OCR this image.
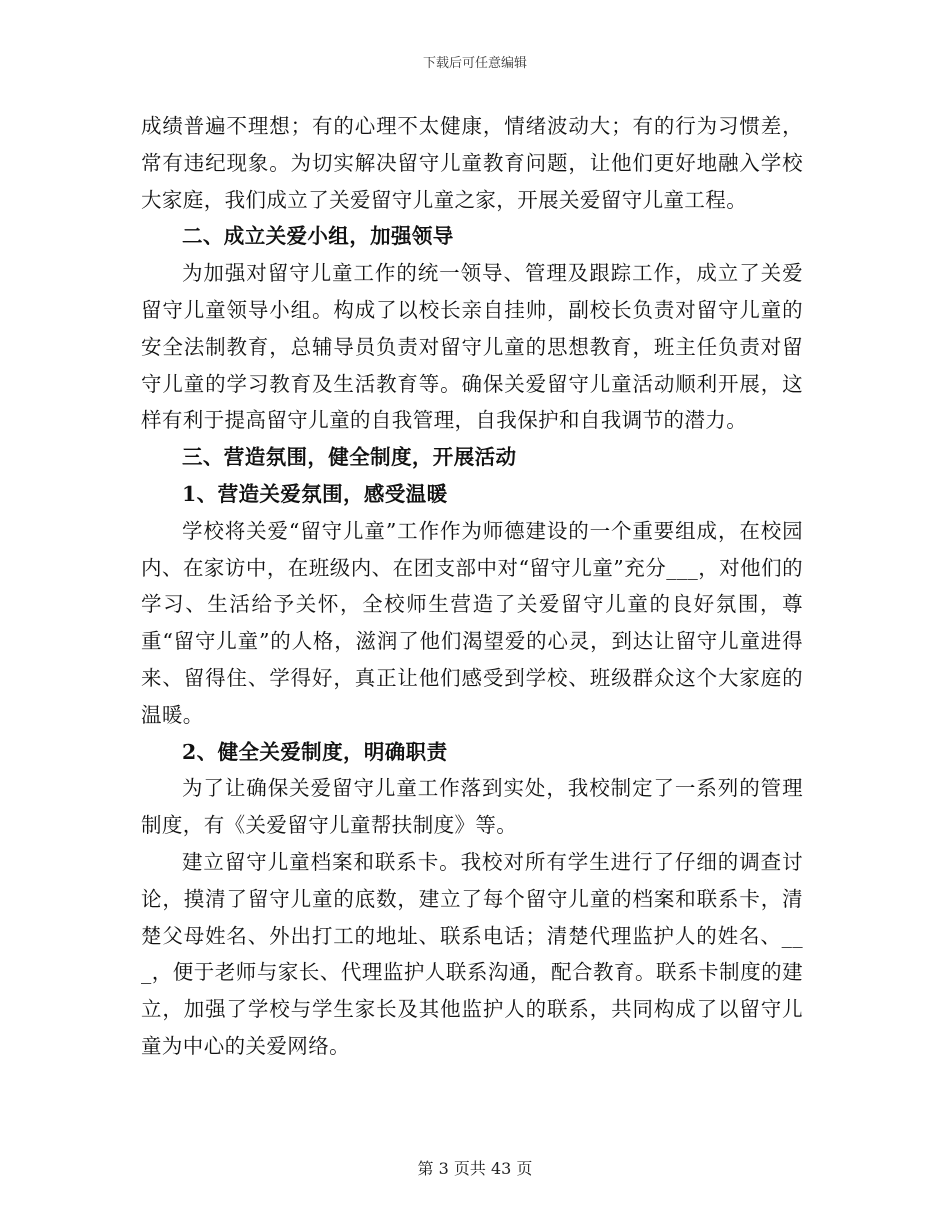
下载后可任意编辑

成绩普遍不理想；有的心理不太健康，情绪波动大；有的行为习惯差，常有违纪现象。为切实解决留守儿童教育问题，让他们更好地融入学校大家庭，我们成立了关爱留守儿童之家，开展关爱留守儿童工程。

二、成立关爱小组，加强领导

为加强对留守儿童工作的统一领导、管理及跟踪工作，成立了关爱留守儿童领导小组。构成了以校长亲自挂帅，副校长负责对留守儿童的安全法制教育，总辅导员负责对留守儿童的思想教育，班主任负责对留守儿童的学习教育及生活教育等。确保关爱留守儿童活动顺利开展，这样有利于提高留守儿童的自我管理，自我保护和自我调节的潜力。

三、营造氛围，健全制度，开展活动

1、营造关爱氛围，感受温暖

学校将关爱“留守儿童”工作作为师德建设的一个重要组成，在校园内、在家访中，在班级内、在团支部中对“留守儿童”充分___，对他们的学习、生活给予关怀，全校师生营造了关爱留守儿童的良好氛围，尊重“留守儿童”的人格，滋润了他们渴望爱的心灵，到达让留守儿童进得来、留得住、学得好，真正让他们感受到学校、班级群众这个大家庭的温暖。

2、健全关爱制度，明确职责

为了让确保关爱留守儿童工作落到实处，我校制定了一系列的管理制度，有《关爱留守儿童帮扶制度》等。

建立留守儿童档案和联系卡。我校对所有学生进行了仔细的调查讨论，摸清了留守儿童的底数，建立了每个留守儿童的档案和联系卡，清楚父母姓名、外出打工的地址、联系电话；清楚代理监护人的姓名、___，便于老师与家长、代理监护人联系沟通，配合教育。联系卡制度的建立，加强了学校与学生家长及其他监护人的联系，共同构成了以留守儿童为中心的关爱网络。

第 3 页共 43 页
